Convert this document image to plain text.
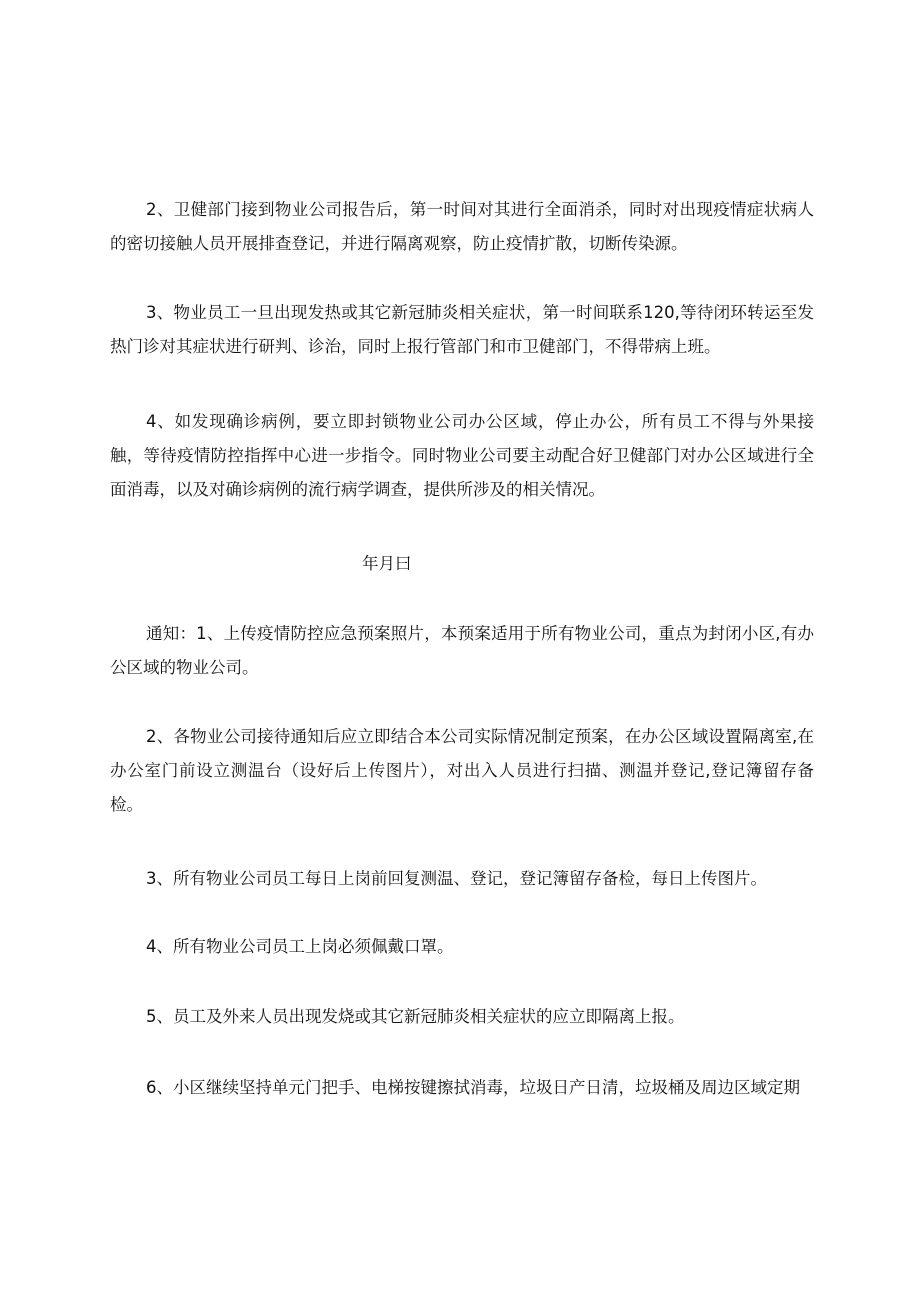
2、卫健部门接到物业公司报告后，第一时间对其进行全面消杀，同时对出现疫情症状病人的密切接触人员开展排查登记，并进行隔离观察，防止疫情扩散，切断传染源。

3、物业员工一旦出现发热或其它新冠肺炎相关症状，第一时间联系120,等待闭环转运至发热门诊对其症状进行研判、诊治，同时上报行管部门和市卫健部门，不得带病上班。

4、如发现确诊病例，要立即封锁物业公司办公区域，停止办公，所有员工不得与外果接触，等待疫情防控指挥中心进一步指令。同时物业公司要主动配合好卫健部门对办公区域进行全面消毒，以及对确诊病例的流行病学调查，提供所涉及的相关情况。

年月曰

通知：1、上传疫情防控应急预案照片，本预案适用于所有物业公司，重点为封闭小区,有办公区域的物业公司。

2、各物业公司接待通知后应立即结合本公司实际情况制定预案，在办公区域设置隔离室,在办公室门前设立测温台（设好后上传图片），对出入人员进行扫描、测温并登记,登记簿留存备检。

3、所有物业公司员工每日上岗前回复测温、登记，登记簿留存备检，每日上传图片。

4、所有物业公司员工上岗必须佩戴口罩。

5、员工及外来人员出现发烧或其它新冠肺炎相关症状的应立即隔离上报。

6、小区继续坚持单元门把手、电梯按键擦拭消毒，垃圾日产日清，垃圾桶及周边区域定期
